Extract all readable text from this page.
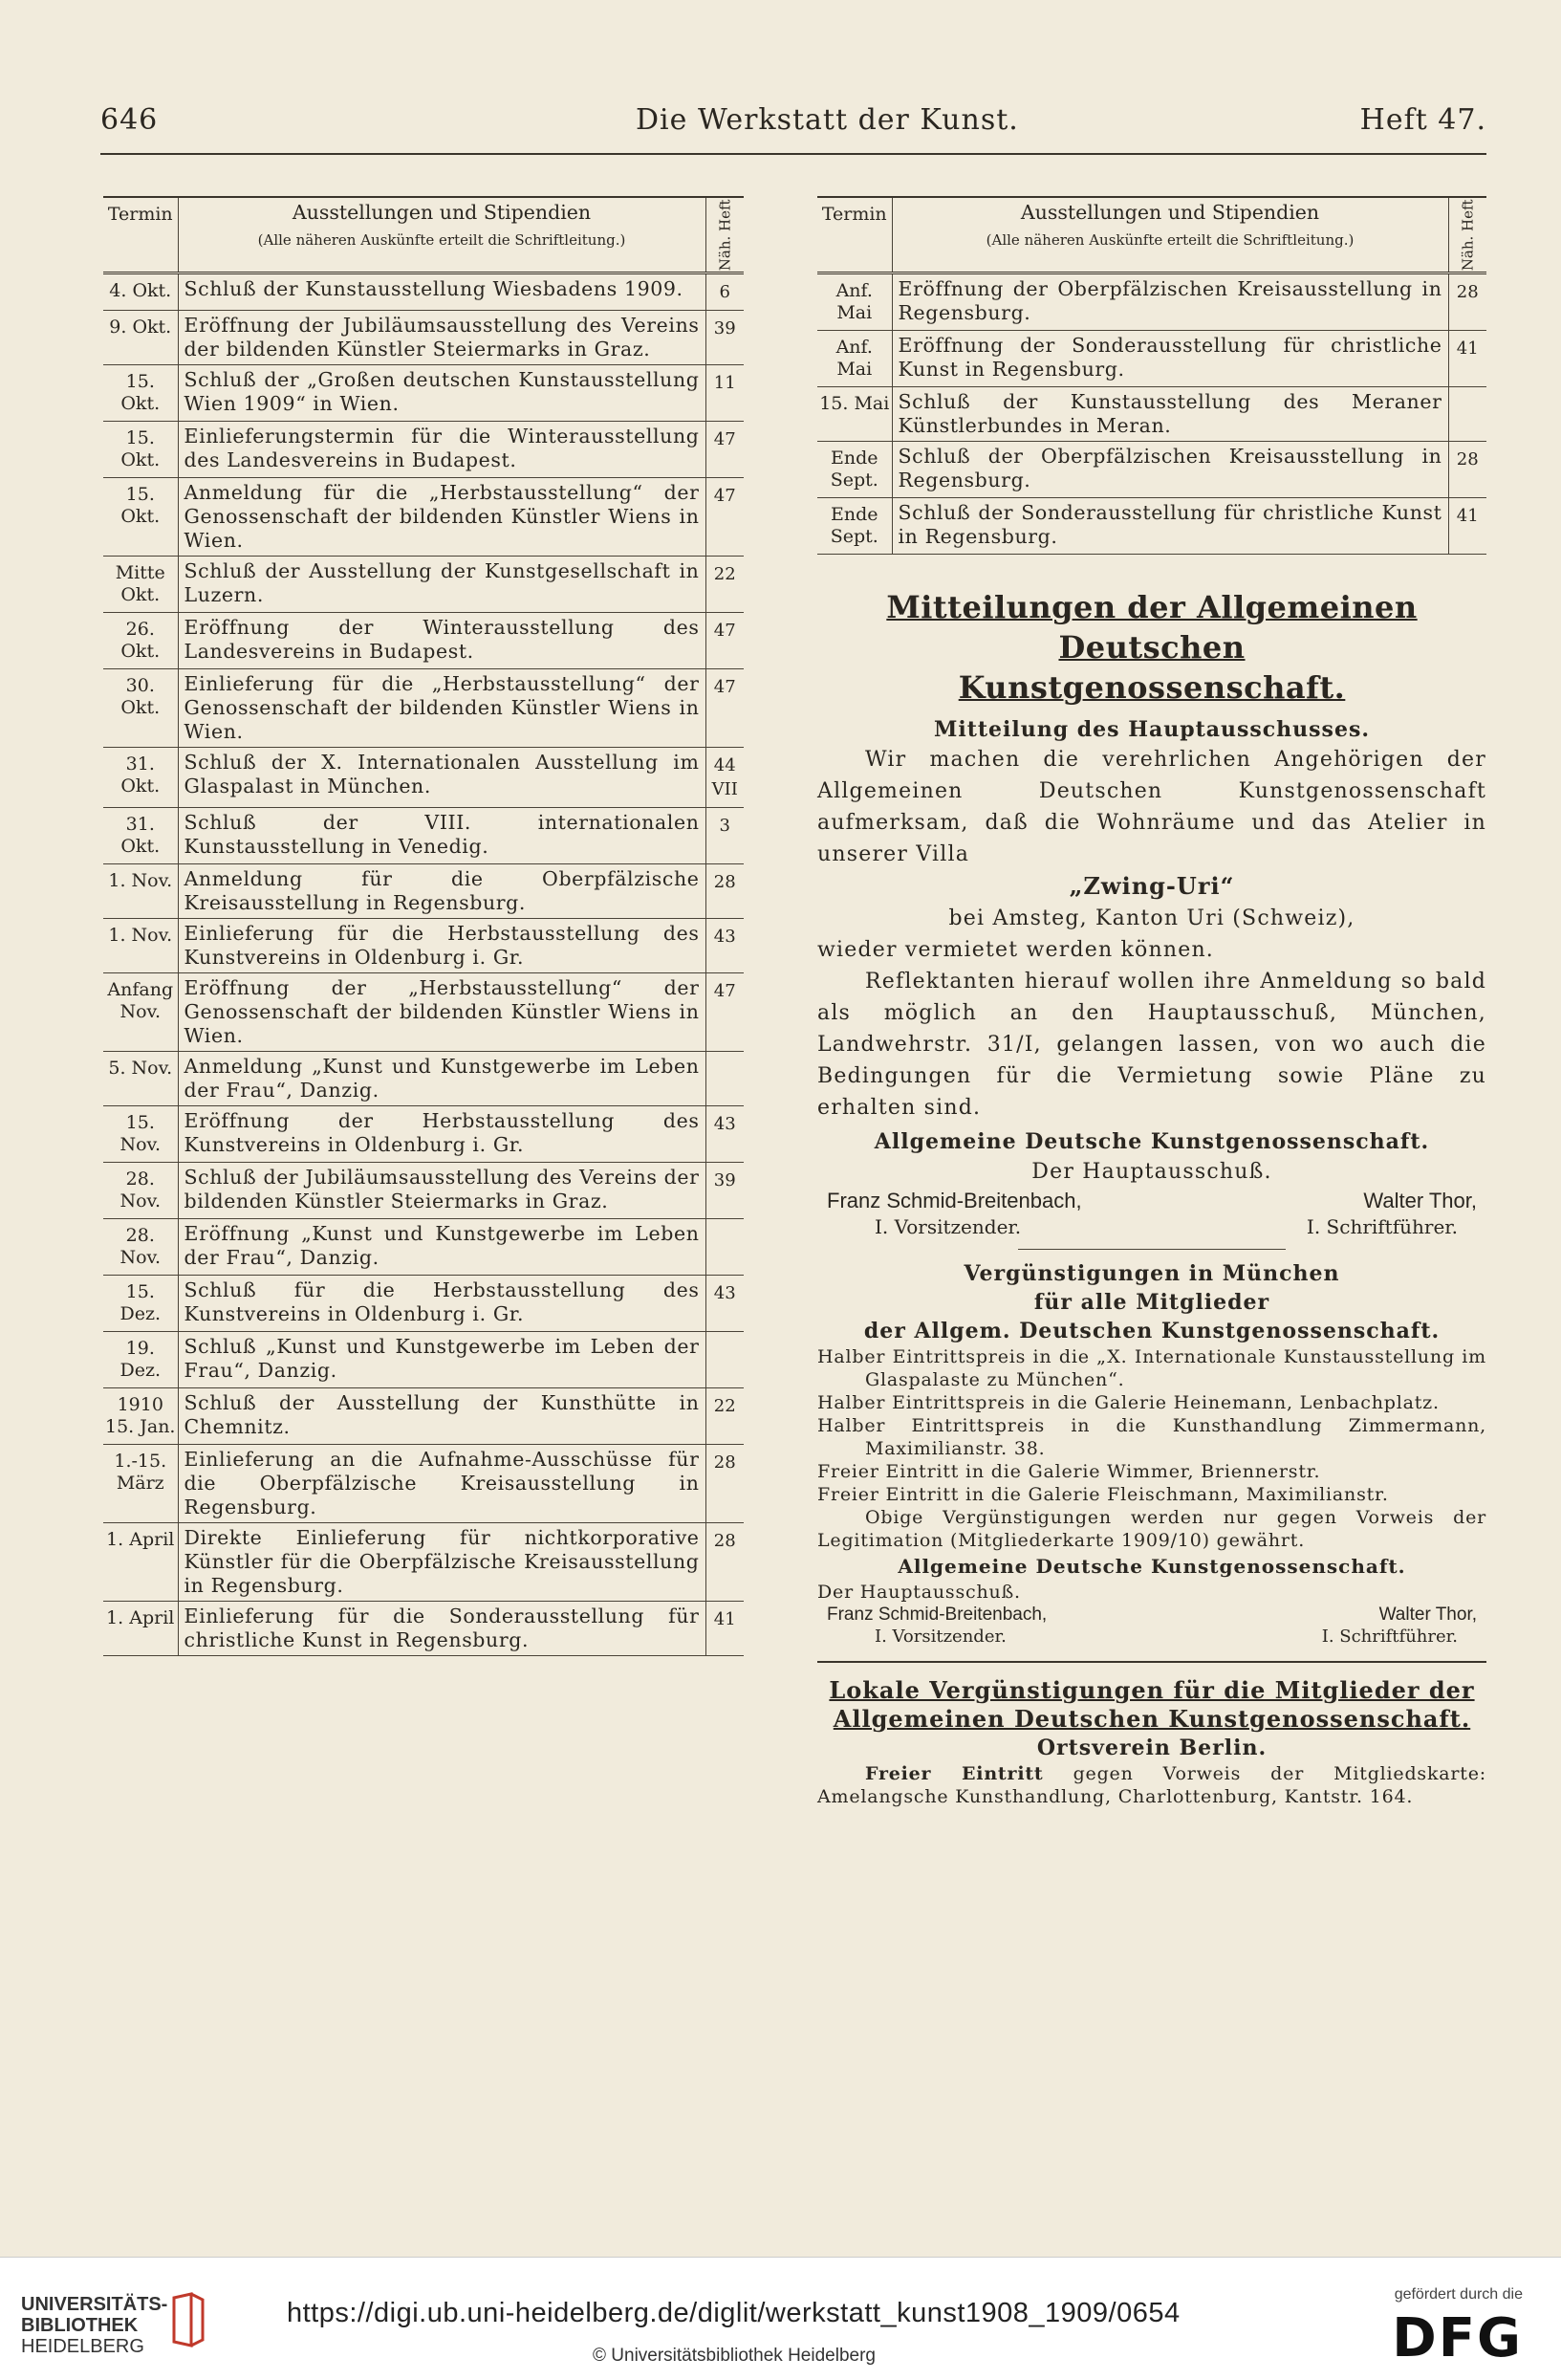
646	Die Werkstatt der Kunst.	Heft 47.
Termin	Ausstellungen und Stipendien
(Alle näheren Auskünfte erteilt die Schriftleitung.)	Näh. Heft

4. Okt.	Schluß der Kunstausstellung Wiesbadens 1909.	6
9. Okt.	Eröffnung der Jubiläumsausstellung des Vereins der bildenden Künstler Steiermarks in Graz.	39
15. Okt.	Schluß der „Großen deutschen Kunstausstellung Wien 1909“ in Wien.	11
15. Okt.	Einlieferungstermin für die Winterausstellung des Landesvereins in Budapest.	47
15. Okt.	Anmeldung für die „Herbstausstellung“ der Genossenschaft der bildenden Künstler Wiens in Wien.	47
Mitte Okt.	Schluß der Ausstellung der Kunstgesellschaft in Luzern.	22
26. Okt.	Eröffnung der Winterausstellung des Landesvereins in Budapest.	47
30. Okt.	Einlieferung für die „Herbstausstellung“ der Genossenschaft der bildenden Künstler Wiens in Wien.	47
31. Okt.	Schluß der X. Internationalen Ausstellung im Glaspalast in München.	44 VII
31. Okt.	Schluß der VIII. internationalen Kunstausstellung in Venedig.	3
1. Nov.	Anmeldung für die Oberpfälzische Kreisausstellung in Regensburg.	28
1. Nov.	Einlieferung für die Herbstausstellung des Kunstvereins in Oldenburg i. Gr.	43
Anfang Nov.	Eröffnung der „Herbstausstellung“ der Genossenschaft der bildenden Künstler Wiens in Wien.	47
5. Nov.	Anmeldung „Kunst und Kunstgewerbe im Leben der Frau“, Danzig.	
15. Nov.	Eröffnung der Herbstausstellung des Kunstvereins in Oldenburg i. Gr.	43
28. Nov.	Schluß der Jubiläumsausstellung des Vereins der bildenden Künstler Steiermarks in Graz.	39
28. Nov.	Eröffnung „Kunst und Kunstgewerbe im Leben der Frau“, Danzig.	
15. Dez.	Schluß für die Herbstausstellung des Kunstvereins in Oldenburg i. Gr.	43
19. Dez.	Schluß „Kunst und Kunstgewerbe im Leben der Frau“, Danzig.	
1910 15. Jan.	Schluß der Ausstellung der Kunsthütte in Chemnitz.	22
1.-15. März	Einlieferung an die Aufnahme-Ausschüsse für die Oberpfälzische Kreisausstellung in Regensburg.	28
1. April	Direkte Einlieferung für nichtkorporative Künstler für die Oberpfälzische Kreisausstellung in Regensburg.	28
1. April	Einlieferung für die Sonderausstellung für christliche Kunst in Regensburg.	41
Termin	Ausstellungen und Stipendien
(Alle näheren Auskünfte erteilt die Schriftleitung.)	Näh. Heft

Anf. Mai	Eröffnung der Oberpfälzischen Kreisausstellung in Regensburg.	28
Anf. Mai	Eröffnung der Sonderausstellung für christliche Kunst in Regensburg.	41
15. Mai	Schluß der Kunstausstellung des Meraner Künstlerbundes in Meran.	
Ende Sept.	Schluß der Oberpfälzischen Kreisausstellung in Regensburg.	28
Ende Sept.	Schluß der Sonderausstellung für christliche Kunst in Regensburg.	41

Mitteilungen der Allgemeinen Deutschen

Kunstgenossenschaft.

Mitteilung des Hauptausschusses.

Wir machen die verehrlichen Angehörigen der Allgemeinen Deutschen Kunstgenossenschaft aufmerksam, daß die Wohnräume und das Atelier in unserer Villa

„Zwing-Uri“

bei Amsteg, Kanton Uri (Schweiz),

wieder vermietet werden können.

Reflektanten hierauf wollen ihre Anmeldung so bald als möglich an den Hauptausschuß, München, Landwehrstr. 31/I, gelangen lassen, von wo auch die Bedingungen für die Vermietung sowie Pläne zu erhalten sind.

Allgemeine Deutsche Kunstgenossenschaft.

Der Hauptausschuß.

Franz Schmid-Breitenbach,	Walter Thor,
I. Vorsitzender.	I. Schriftführer.

Vergünstigungen in München

für alle Mitglieder

der Allgem. Deutschen Kunstgenossenschaft.

Halber Eintrittspreis in die „X. Internationale Kunstausstellung im Glaspalaste zu München“.

Halber Eintrittspreis in die Galerie Heinemann, Lenbachplatz.

Halber Eintrittspreis in die Kunsthandlung Zimmermann, Maximilianstr. 38.

Freier Eintritt in die Galerie Wimmer, Briennerstr.

Freier Eintritt in die Galerie Fleischmann, Maximilianstr.

Obige Vergünstigungen werden nur gegen Vorweis der Legitimation (Mitgliederkarte 1909/10) gewährt.

Allgemeine Deutsche Kunstgenossenschaft.

Der Hauptausschuß.

Franz Schmid-Breitenbach,	Walter Thor,
I. Vorsitzender.	I. Schriftführer.

Lokale Vergünstigungen für die Mitglieder der

Allgemeinen Deutschen Kunstgenossenschaft.

Ortsverein Berlin.

Freier Eintritt gegen Vorweis der Mitgliedskarte: Amelangsche Kunsthandlung, Charlottenburg, Kantstr. 164.

UNIVERSITÄTS-
BIBLIOTHEK
HEIDELBERG
https://digi.ub.uni-heidelberg.de/diglit/werkstatt_kunst1908_1909/0654
© Universitätsbibliothek Heidelberg
gefördert durch die
DFG
